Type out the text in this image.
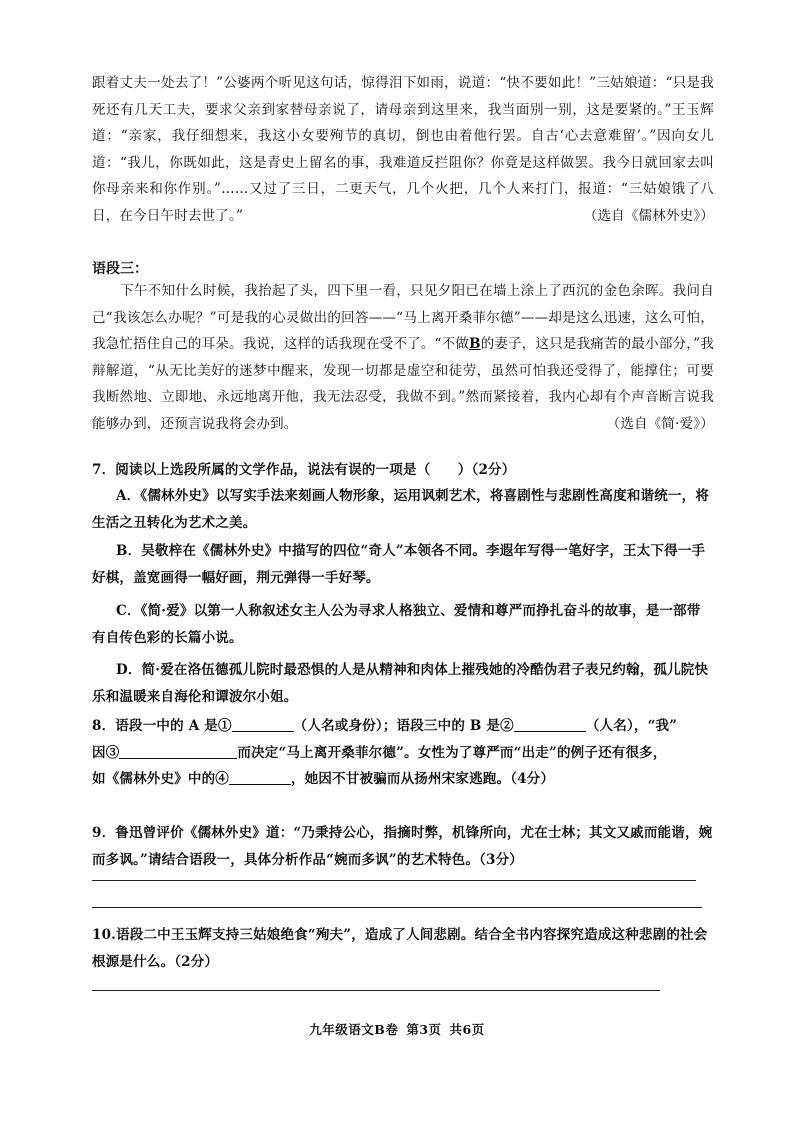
跟着丈夫一处去了！”公婆两个听见这句话，惊得泪下如雨，说道：“快不要如此！”三姑娘道：“只是我死还有几天工夫，要求父亲到家替母亲说了，请母亲到这里来，我当面别一别，这是要紧的。”王玉辉道：“亲家，我仔细想来，我这小女要殉节的真切，倒也由着他行罢。自古‘心去意难留’。”因向女儿道：“我儿，你既如此，这是青史上留名的事，我难道反拦阻你？你竟是这样做罢。我今日就回家去叫你母亲来和你作别。”……又过了三日，二更天气，几个火把，几个人来打门，报道：“三姑娘饿了八日，在今日午时去世了。”	（选自《儒林外史》）
语段三：
下午不知什么时候，我抬起了头，四下里一看，只见夕阳已在墙上涂上了西沉的金色余晖。我问自己“我该怎么办呢？”可是我的心灵做出的回答——“马上离开桑菲尔德”——却是这么迅速，这么可怕，我急忙捂住自己的耳朵。我说，这样的话我现在受不了。“不做B的妻子，这只是我痛苦的最小部分，”我辩解道，“从无比美好的迷梦中醒来，发现一切都是虚空和徒劳，虽然可怕我还受得了，能撑住；可要我断然地、立即地、永远地离开他，我无法忍受，我做不到。”然而紧接着，我内心却有个声音断言说我能够办到，还预言说我将会办到。	（选自《简·爱》）
7．阅读以上选段所属的文学作品，说法有误的一项是（　　）（2分）
A．《儒林外史》以写实手法来刻画人物形象，运用讽刺艺术，将喜剧性与悲剧性高度和谐统一，将生活之丑转化为艺术之美。
B．吴敬梓在《儒林外史》中描写的四位“奇人”本领各不同。李遐年写得一笔好字，王太下得一手好棋，盖宽画得一幅好画，荆元弹得一手好琴。
C．《简·爱》以第一人称叙述女主人公为寻求人格独立、爱情和尊严而挣扎奋斗的故事，是一部带有自传色彩的长篇小说。
D．简·爱在洛伍德孤儿院时最恐惧的人是从精神和肉体上摧残她的冷酷伪君子表兄约翰，孤儿院快乐和温暖来自海伦和谭波尔小姐。
8．语段一中的 A 是①	（人名或身份）；语段三中的 B 是②	（人名），“我”
因③	而决定“马上离开桑菲尔德”。女性为了尊严而“出走”的例子还有很多，
如《儒林外史》中的④	，她因不甘被骗而从扬州宋家逃跑。（4分）
9．鲁迅曾评价《儒林外史》道：“乃秉持公心，指摘时弊，机锋所向，尤在士林；其文又戚而能谐，婉而多讽。”请结合语段一，具体分析作品“婉而多讽”的艺术特色。（3分）
10.语段二中王玉辉支持三姑娘绝食“殉夫”，造成了人间悲剧。结合全书内容探究造成这种悲剧的社会根源是什么。（2分）
九年级语文B卷 第3页 共6页
